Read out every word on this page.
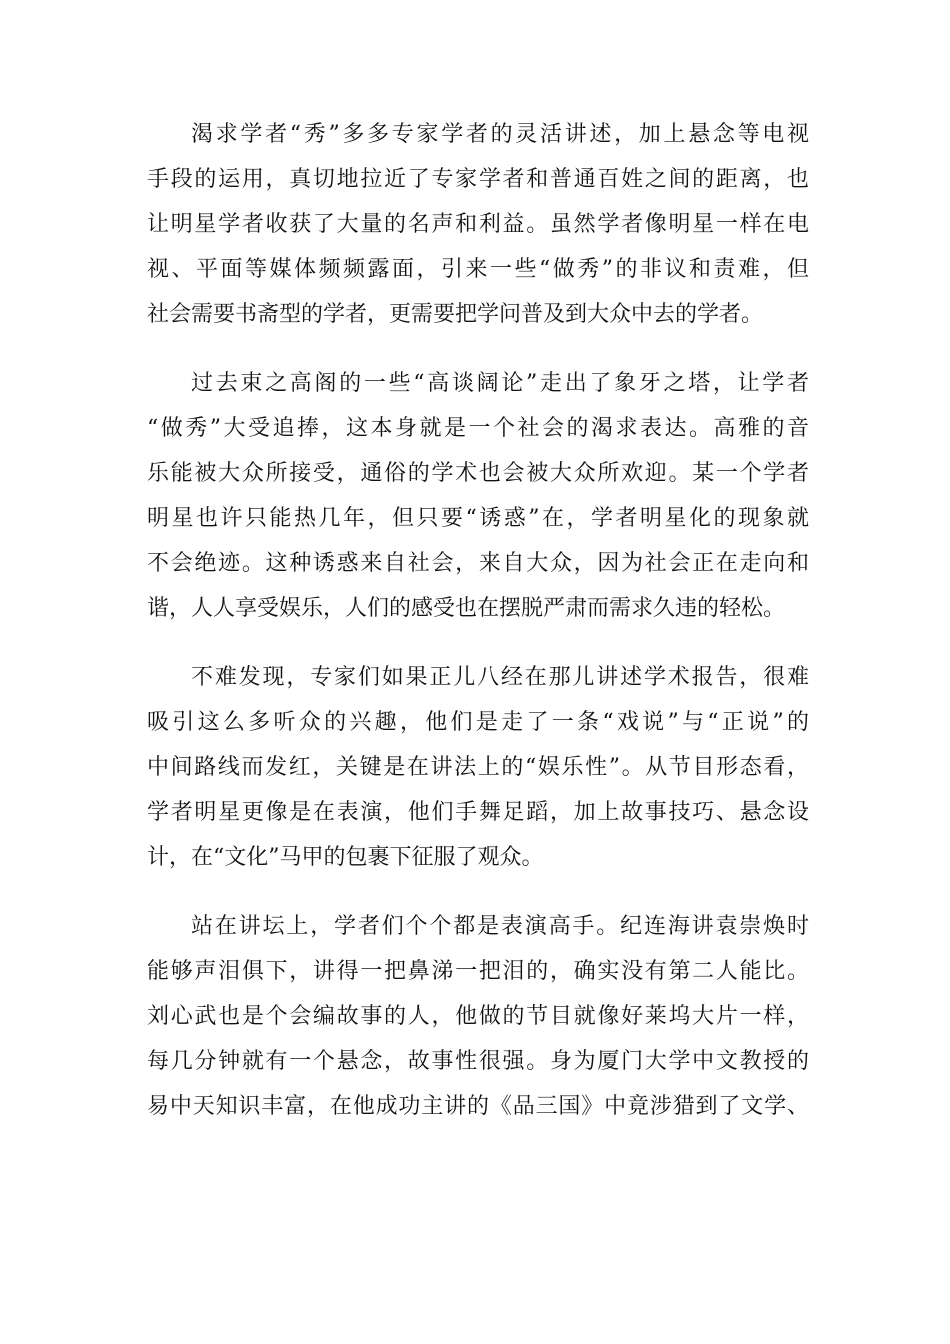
渴求学者“秀”多多专家学者的灵活讲述，加上悬念等电视
手段的运用，真切地拉近了专家学者和普通百姓之间的距离，也
让明星学者收获了大量的名声和利益。虽然学者像明星一样在电
视、平面等媒体频频露面，引来一些“做秀”的非议和责难，但
社会需要书斋型的学者，更需要把学问普及到大众中去的学者。
过去束之高阁的一些“高谈阔论”走出了象牙之塔，让学者
“做秀”大受追捧，这本身就是一个社会的渴求表达。高雅的音
乐能被大众所接受，通俗的学术也会被大众所欢迎。某一个学者
明星也许只能热几年，但只要“诱惑”在，学者明星化的现象就
不会绝迹。这种诱惑来自社会，来自大众，因为社会正在走向和
谐，人人享受娱乐，人们的感受也在摆脱严肃而需求久违的轻松。
不难发现，专家们如果正儿八经在那儿讲述学术报告，很难
吸引这么多听众的兴趣，他们是走了一条“戏说”与“正说”的
中间路线而发红，关键是在讲法上的“娱乐性”。从节目形态看，
学者明星更像是在表演，他们手舞足蹈，加上故事技巧、悬念设
计，在“文化”马甲的包裹下征服了观众。
站在讲坛上，学者们个个都是表演高手。纪连海讲袁崇焕时
能够声泪俱下，讲得一把鼻涕一把泪的，确实没有第二人能比。
刘心武也是个会编故事的人，他做的节目就像好莱坞大片一样，
每几分钟就有一个悬念，故事性很强。身为厦门大学中文教授的
易中天知识丰富，在他成功主讲的《品三国》中竟涉猎到了文学、
